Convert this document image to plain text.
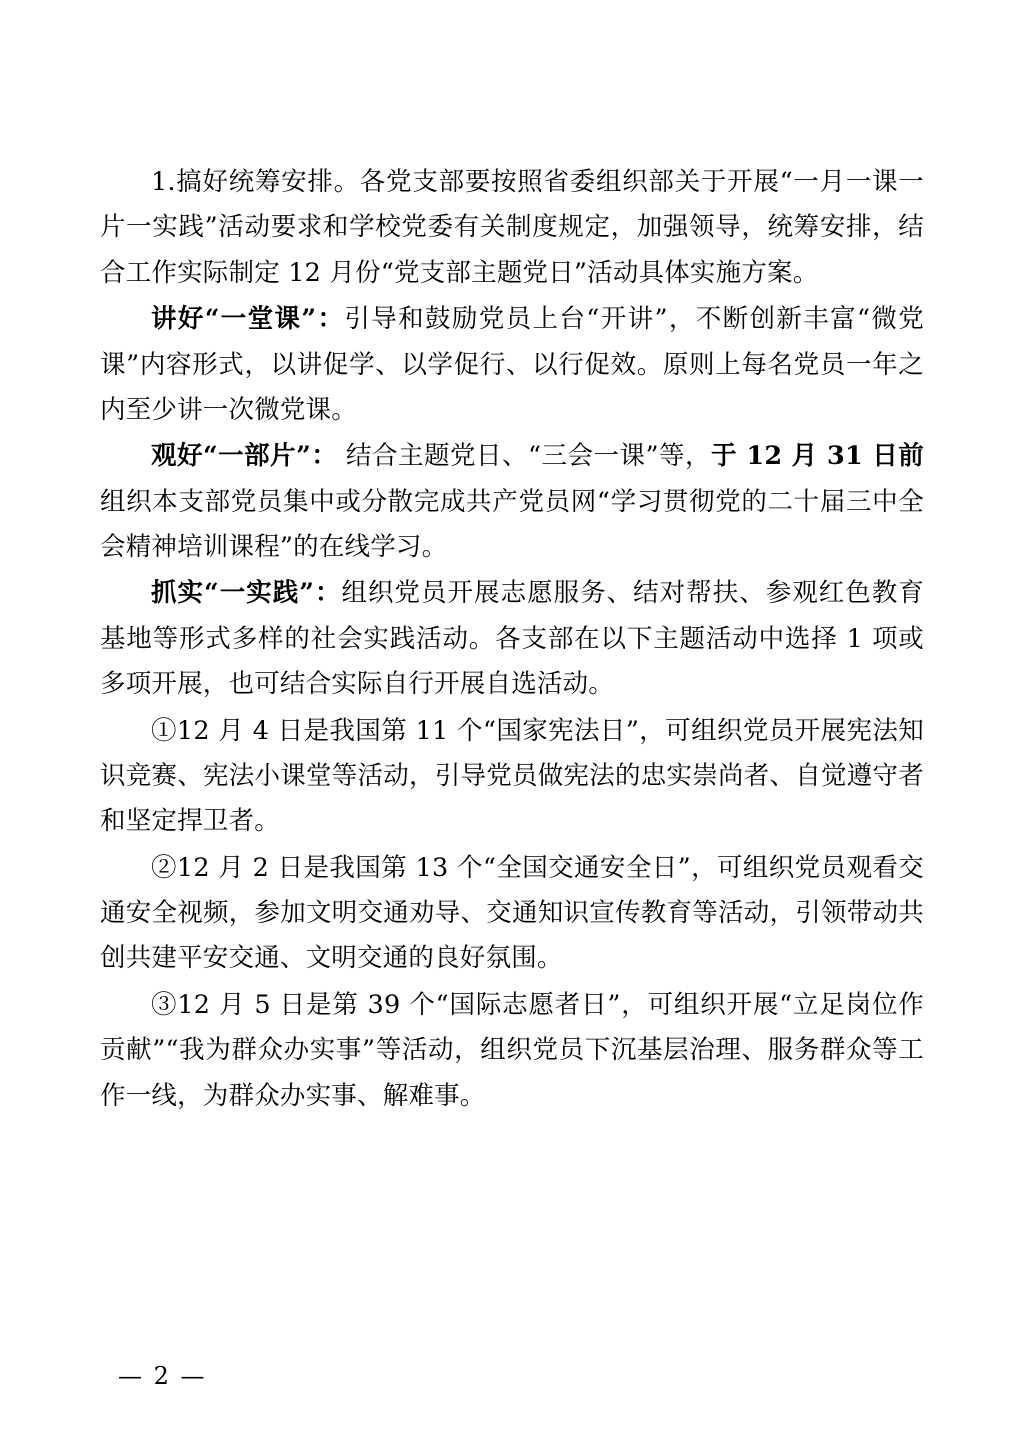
1.搞好统筹安排。各党支部要按照省委组织部关于开展“一月一课一片一实践”活动要求和学校党委有关制度规定，加强领导，统筹安排，结合工作实际制定 12 月份“党支部主题党日”活动具体实施方案。

讲好“一堂课”：引导和鼓励党员上台“开讲”，不断创新丰富“微党课”内容形式，以讲促学、以学促行、以行促效。原则上每名党员一年之内至少讲一次微党课。

观好“一部片”： 结合主题党日、“三会一课”等，于 12 月 31 日前组织本支部党员集中或分散完成共产党员网“学习贯彻党的二十届三中全会精神培训课程”的在线学习。

抓实“一实践”：组织党员开展志愿服务、结对帮扶、参观红色教育基地等形式多样的社会实践活动。各支部在以下主题活动中选择 1 项或多项开展，也可结合实际自行开展自选活动。

①12 月 4 日是我国第 11 个“国家宪法日”，可组织党员开展宪法知识竞赛、宪法小课堂等活动，引导党员做宪法的忠实崇尚者、自觉遵守者和坚定捍卫者。

②12 月 2 日是我国第 13 个“全国交通安全日”，可组织党员观看交通安全视频，参加文明交通劝导、交通知识宣传教育等活动，引领带动共创共建平安交通、文明交通的良好氛围。

③12 月 5 日是第 39 个“国际志愿者日”，可组织开展“立足岗位作贡献”“我为群众办实事”等活动，组织党员下沉基层治理、服务群众等工作一线，为群众办实事、解难事。

— 2 —
